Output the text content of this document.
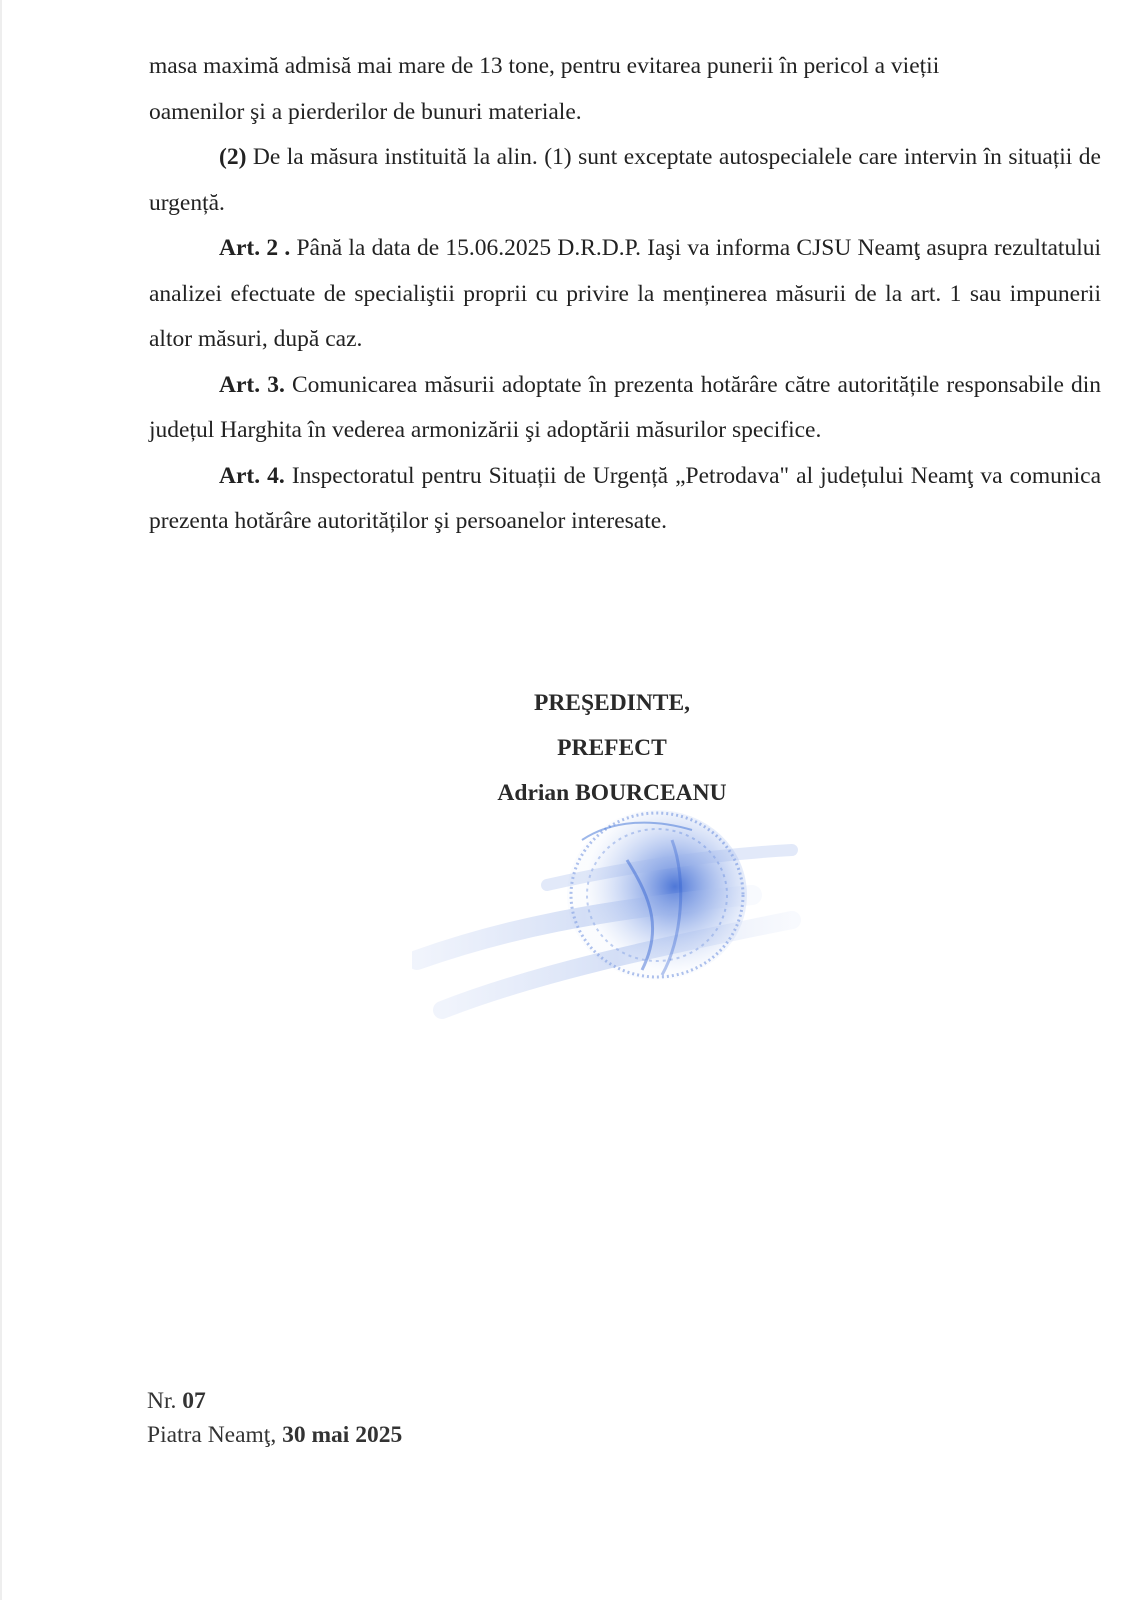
masa maximă admisă mai mare de 13 tone, pentru evitarea punerii în pericol a vieții
oamenilor şi a pierderilor de bunuri materiale.

(2) De la măsura instituită la alin. (1) sunt exceptate autospecialele care intervin în situații de urgență.

Art. 2 . Până la data de 15.06.2025 D.R.D.P. Iaşi va informa CJSU Neamţ asupra rezultatului analizei efectuate de specialiştii proprii cu privire la menținerea măsurii de la art. 1 sau impunerii altor măsuri, după caz.

Art. 3. Comunicarea măsurii adoptate în prezenta hotărâre către autoritățile responsabile din județul Harghita în vederea armonizării şi adoptării măsurilor specifice.

Art. 4. Inspectoratul pentru Situații de Urgență „Petrodava" al județului Neamţ va comunica prezenta hotărâre autorităților şi persoanelor interesate.

PREŞEDINTE,
PREFECT
Adrian BOURCEANU
Nr. 07
Piatra Neamţ, 30 mai 2025
